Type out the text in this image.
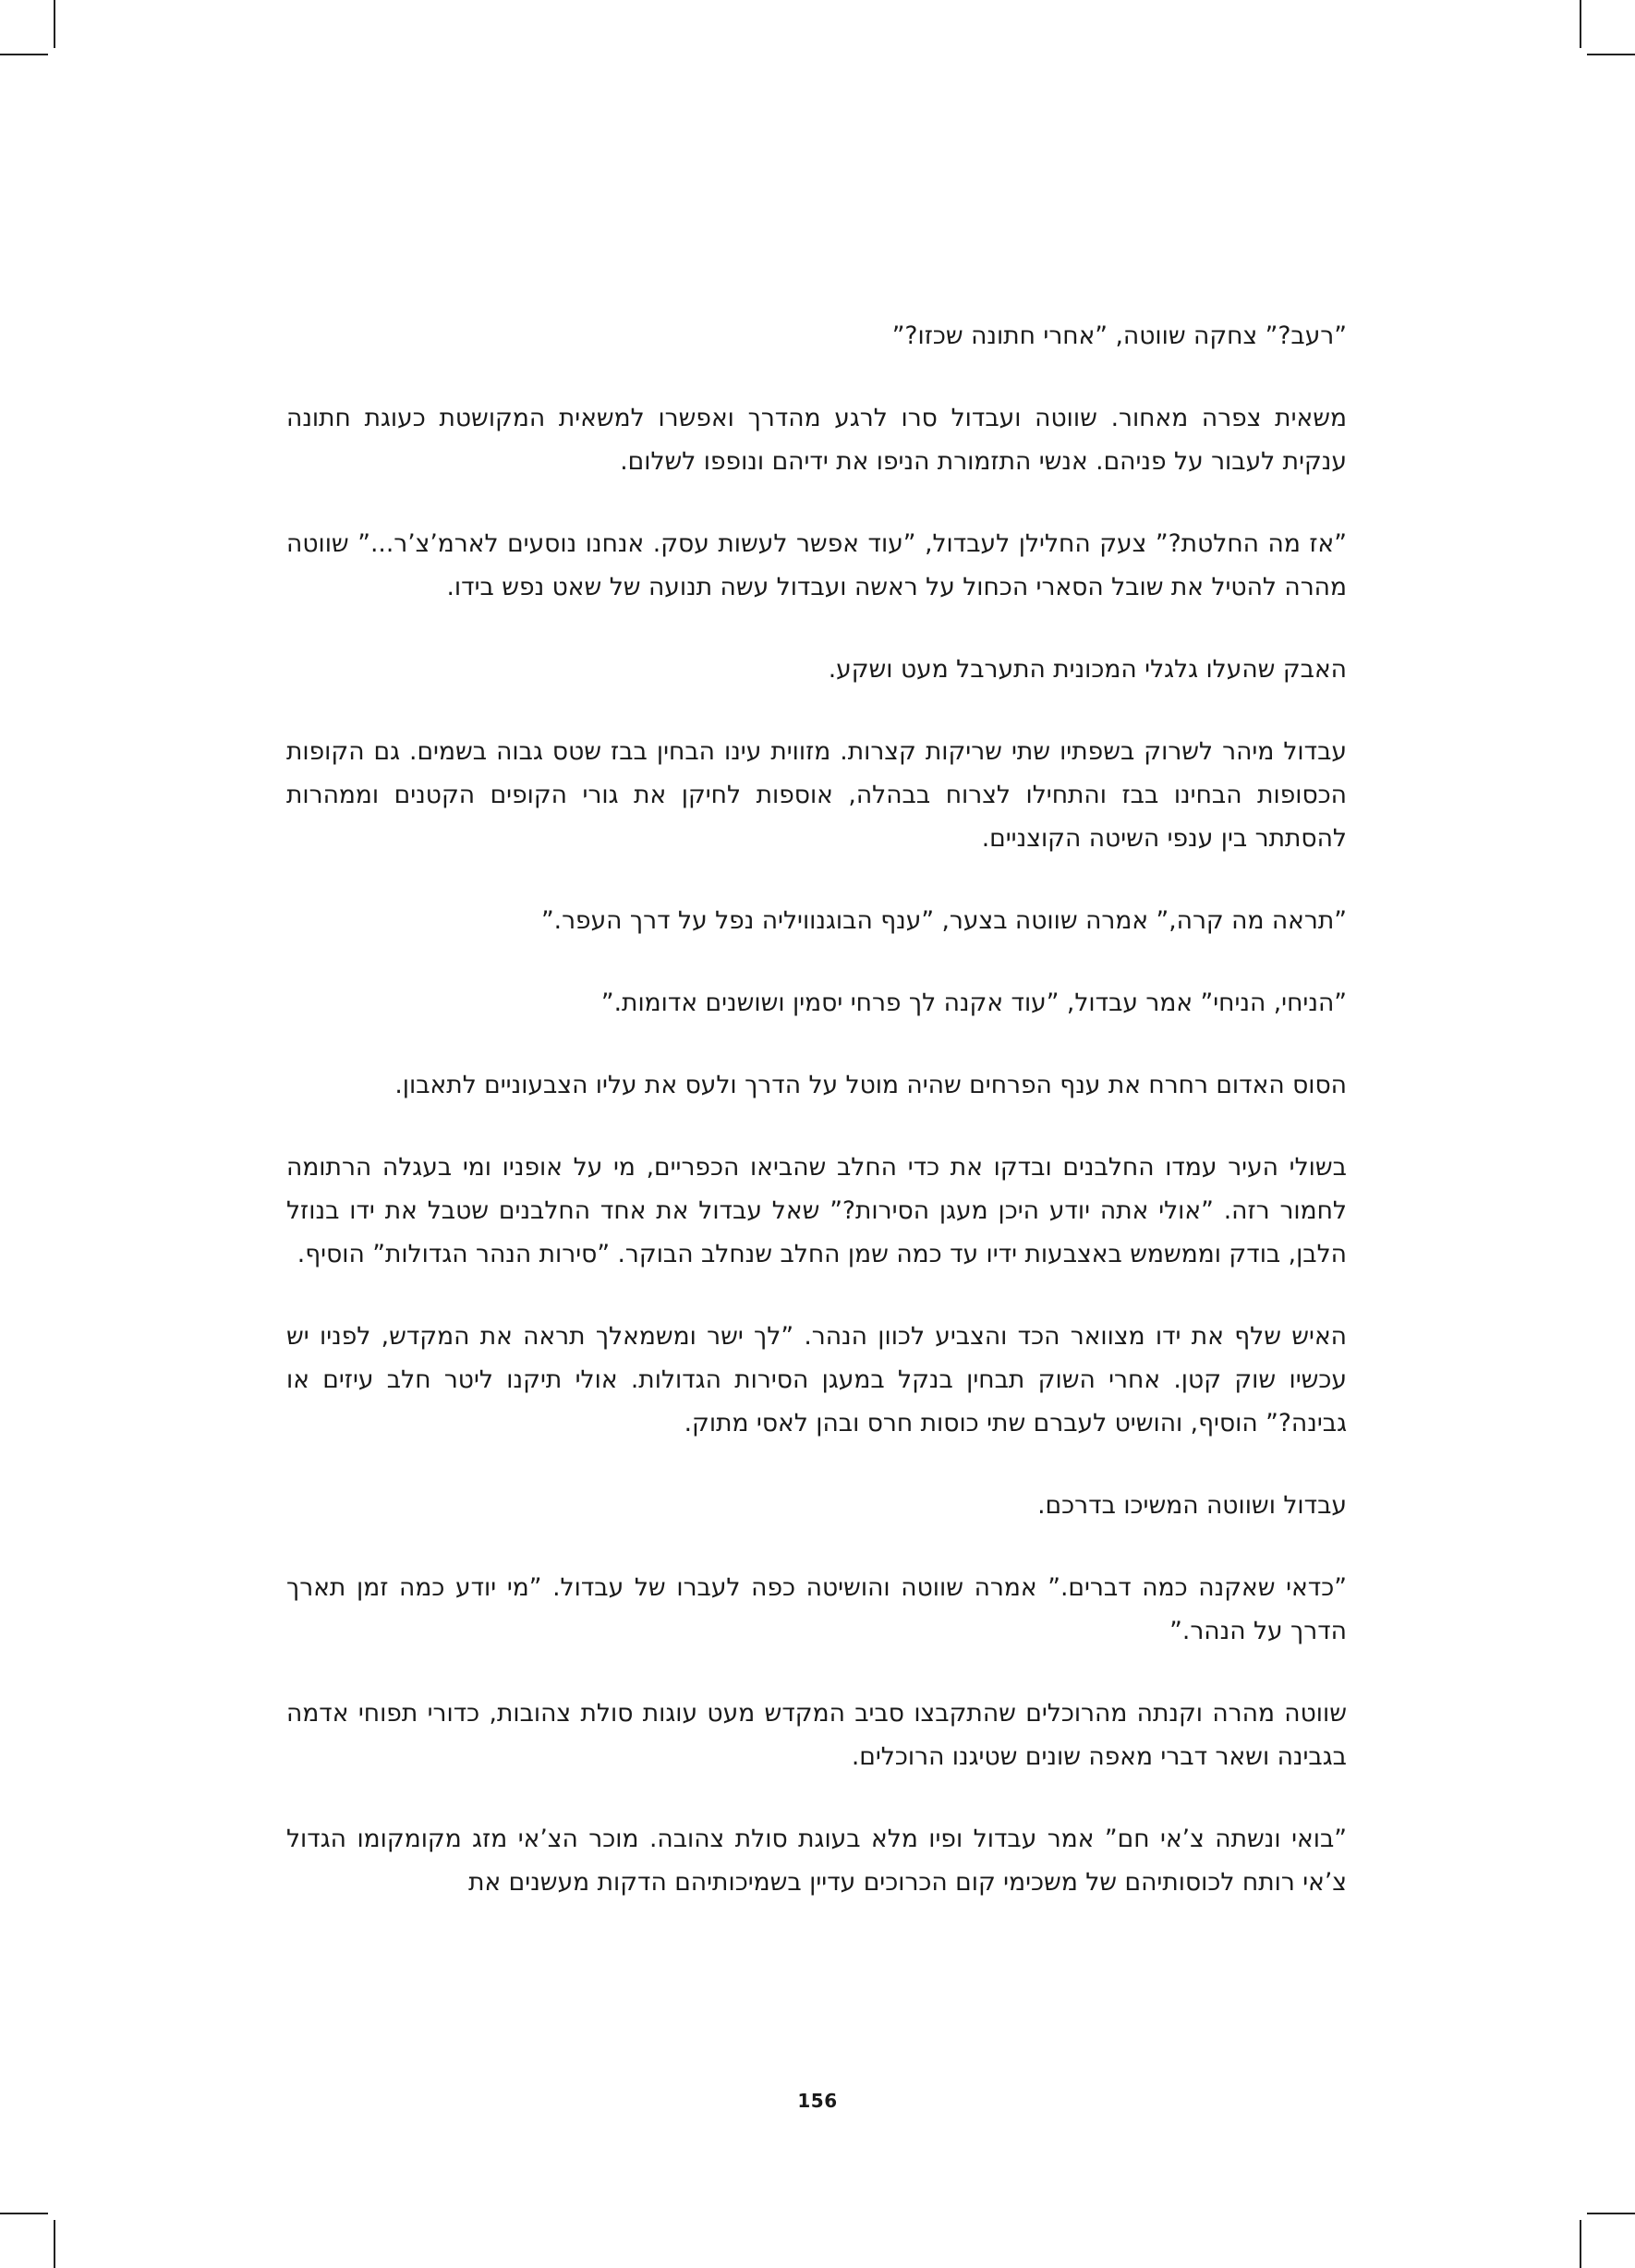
”רעב?” צחקה שווטה, ”אחרי חתונה שכזו?”

משאית צפרה מאחור. שווטה ועבדול סרו לרגע מהדרך ואפשרו למשאית המקושטת כעוגת חתונה ענקית לעבור על פניהם. אנשי התזמורת הניפו את ידיהם ונופפו לשלום.

”אז מה החלטת?” צעק החלילן לעבדול, ”עוד אפשר לעשות עסק. אנחנו נוסעים לארמ’צ’ר...” שווטה מהרה להטיל את שובל הסארי הכחול על ראשה ועבדול עשה תנועה של שאט נפש בידו.

האבק שהעלו גלגלי המכונית התערבל מעט ושקע.

עבדול מיהר לשרוק בשפתיו שתי שריקות קצרות. מזווית עינו הבחין בבז שטס גבוה בשמים. גם הקופות הכסופות הבחינו בבז והתחילו לצרוח בבהלה, אוספות לחיקן את גורי הקופים הקטנים וממהרות להסתתר בין ענפי השיטה הקוצניים.

”תראה מה קרה,” אמרה שווטה בצער, ”ענף הבוגנוויליה נפל על דרך העפר.”

”הניחי, הניחי” אמר עבדול, ”עוד אקנה לך פרחי יסמין ושושנים אדומות.”

הסוס האדום רחרח את ענף הפרחים שהיה מוטל על הדרך ולעס את עליו הצבעוניים לתאבון.

בשולי העיר עמדו החלבנים ובדקו את כדי החלב שהביאו הכפריים, מי על אופניו ומי בעגלה הרתומה לחמור רזה. ”אולי אתה יודע היכן מעגן הסירות?” שאל עבדול את אחד החלבנים שטבל את ידו בנוזל הלבן, בודק וממשמש באצבעות ידיו עד כמה שמן החלב שנחלב הבוקר. ”סירות הנהר הגדולות” הוסיף.

האיש שלף את ידו מצוואר הכד והצביע לכוון הנהר. ”לך ישר ומשמאלך תראה את המקדש, לפניו יש עכשיו שוק קטן. אחרי השוק תבחין בנקל במעגן הסירות הגדולות. אולי תיקנו ליטר חלב עיזים או גבינה?” הוסיף, והושיט לעברם שתי כוסות חרס ובהן לאסי מתוק.

עבדול ושווטה המשיכו בדרכם.

”כדאי שאקנה כמה דברים.” אמרה שווטה והושיטה כפה לעברו של עבדול. ”מי יודע כמה זמן תארך הדרך על הנהר.”

שווטה מהרה וקנתה מהרוכלים שהתקבצו סביב המקדש מעט עוגות סולת צהובות, כדורי תפוחי אדמה בגבינה ושאר דברי מאפה שונים שטיגנו הרוכלים.

”בואי ונשתה צ’אי חם” אמר עבדול ופיו מלא בעוגת סולת צהובה. מוכר הצ’אי מזג מקומקומו הגדול צ’אי רותח לכוסותיהם של משכימי קום הכרוכים עדיין בשמיכותיהם הדקות מעשנים את

156
